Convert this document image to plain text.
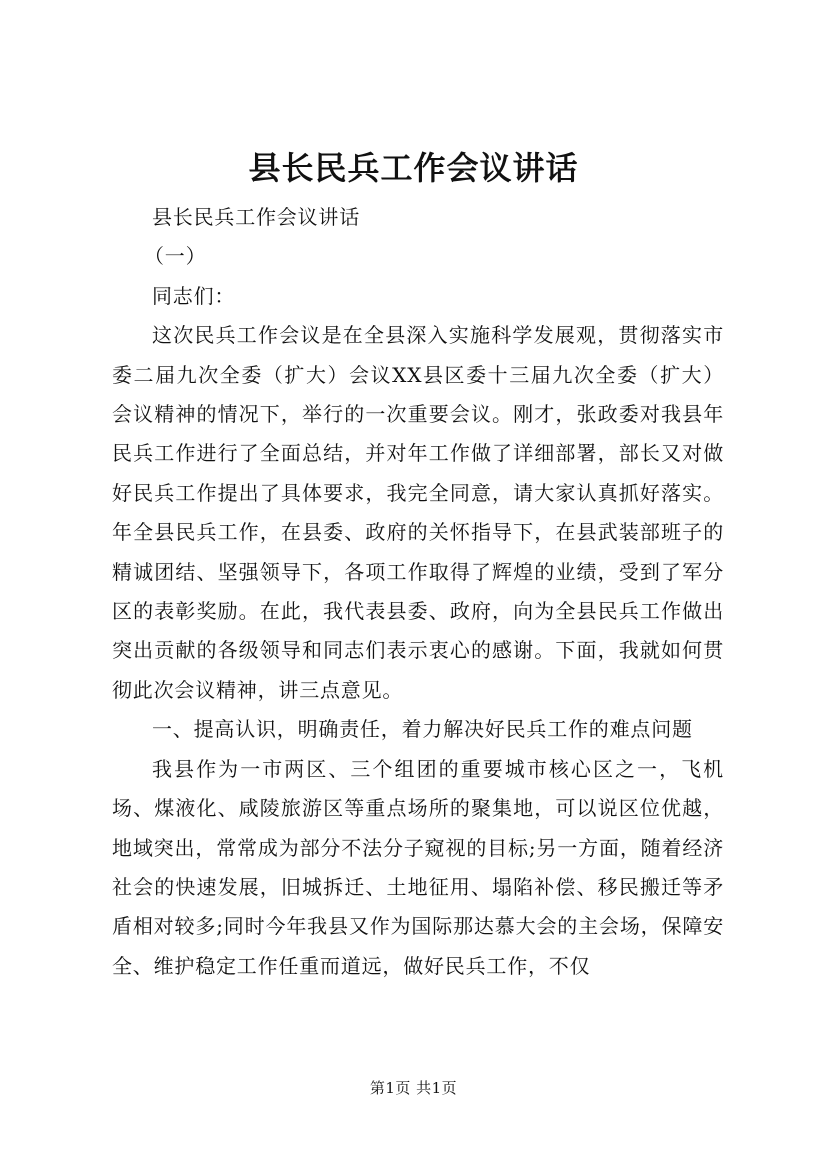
县长民兵工作会议讲话

县长民兵工作会议讲话

（一）

同志们：

这次民兵工作会议是在全县深入实施科学发展观，贯彻落实市委二届九次全委（扩大）会议XX县区委十三届九次全委（扩大）会议精神的情况下，举行的一次重要会议。刚才，张政委对我县年民兵工作进行了全面总结，并对年工作做了详细部署，部长又对做好民兵工作提出了具体要求，我完全同意，请大家认真抓好落实。年全县民兵工作，在县委、政府的关怀指导下，在县武装部班子的精诚团结、坚强领导下，各项工作取得了辉煌的业绩，受到了军分区的表彰奖励。在此，我代表县委、政府，向为全县民兵工作做出突出贡献的各级领导和同志们表示衷心的感谢。下面，我就如何贯彻此次会议精神，讲三点意见。

一、提高认识，明确责任，着力解决好民兵工作的难点问题

我县作为一市两区、三个组团的重要城市核心区之一，飞机场、煤液化、咸陵旅游区等重点场所的聚集地，可以说区位优越，地域突出，常常成为部分不法分子窥视的目标;另一方面，随着经济社会的快速发展，旧城拆迁、土地征用、塌陷补偿、移民搬迁等矛盾相对较多;同时今年我县又作为国际那达慕大会的主会场，保障安全、维护稳定工作任重而道远，做好民兵工作，不仅

第1页 共1页
